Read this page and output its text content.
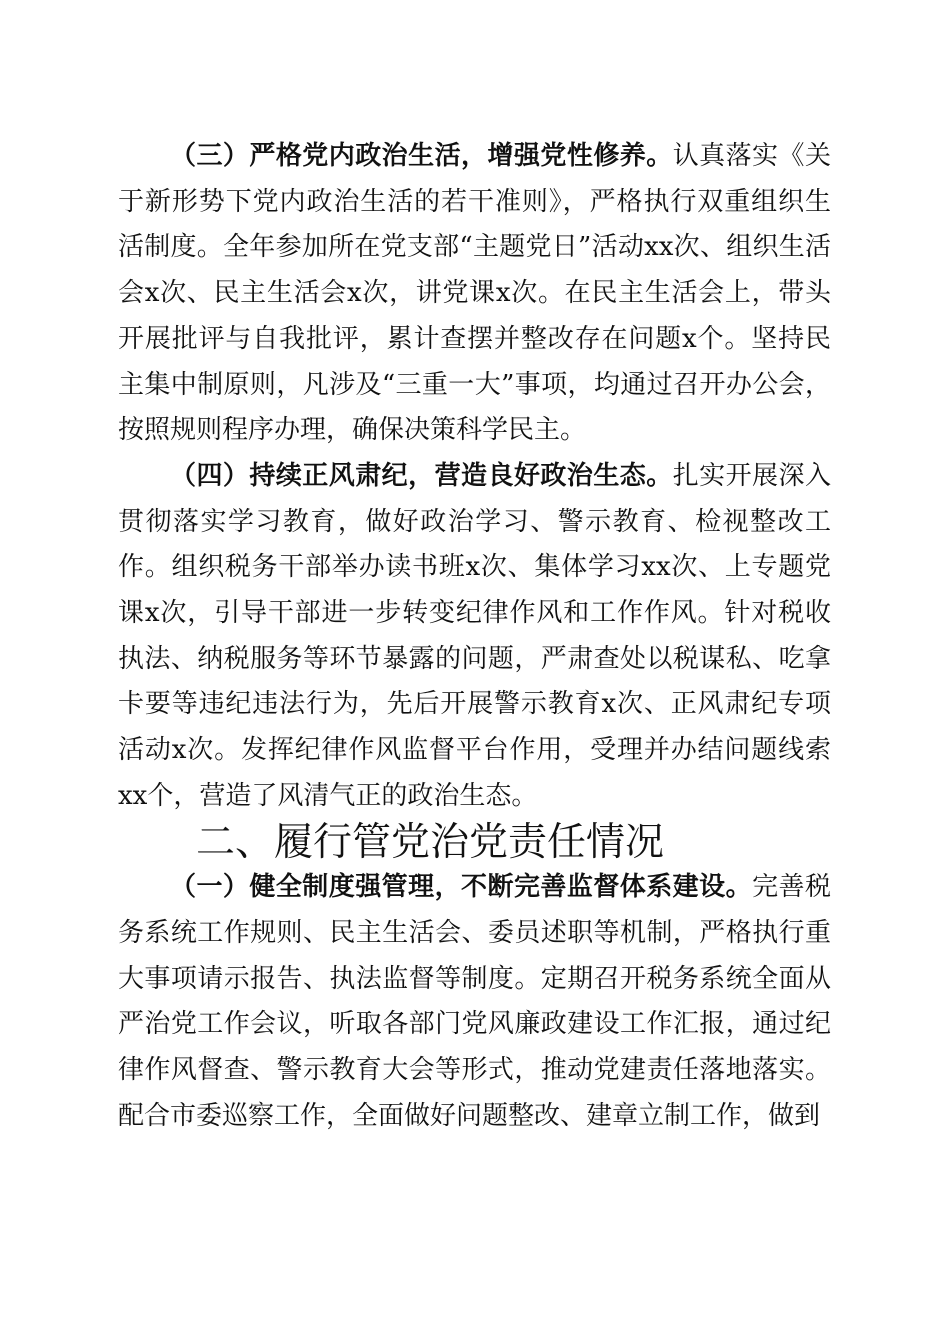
（三）严格党内政治生活，增强党性修养。认真落实《关于新形势下党内政治生活的若干准则》，严格执行双重组织生活制度。全年参加所在党支部“主题党日”活动xx次、组织生活会x次、民主生活会x次，讲党课x次。在民主生活会上，带头开展批评与自我批评，累计查摆并整改存在问题x个。坚持民主集中制原则，凡涉及“三重一大”事项，均通过召开办公会，按照规则程序办理，确保决策科学民主。

（四）持续正风肃纪，营造良好政治生态。扎实开展深入贯彻落实学习教育，做好政治学习、警示教育、检视整改工作。组织税务干部举办读书班x次、集体学习xx次、上专题党课x次，引导干部进一步转变纪律作风和工作作风。针对税收执法、纳税服务等环节暴露的问题，严肃查处以税谋私、吃拿卡要等违纪违法行为，先后开展警示教育x次、正风肃纪专项活动x次。发挥纪律作风监督平台作用，受理并办结问题线索xx个，营造了风清气正的政治生态。

二、履行管党治党责任情况

（一）健全制度强管理，不断完善监督体系建设。完善税务系统工作规则、民主生活会、委员述职等机制，严格执行重大事项请示报告、执法监督等制度。定期召开税务系统全面从严治党工作会议，听取各部门党风廉政建设工作汇报，通过纪律作风督查、警示教育大会等形式，推动党建责任落地落实。配合市委巡察工作，全面做好问题整改、建章立制工作，做到
